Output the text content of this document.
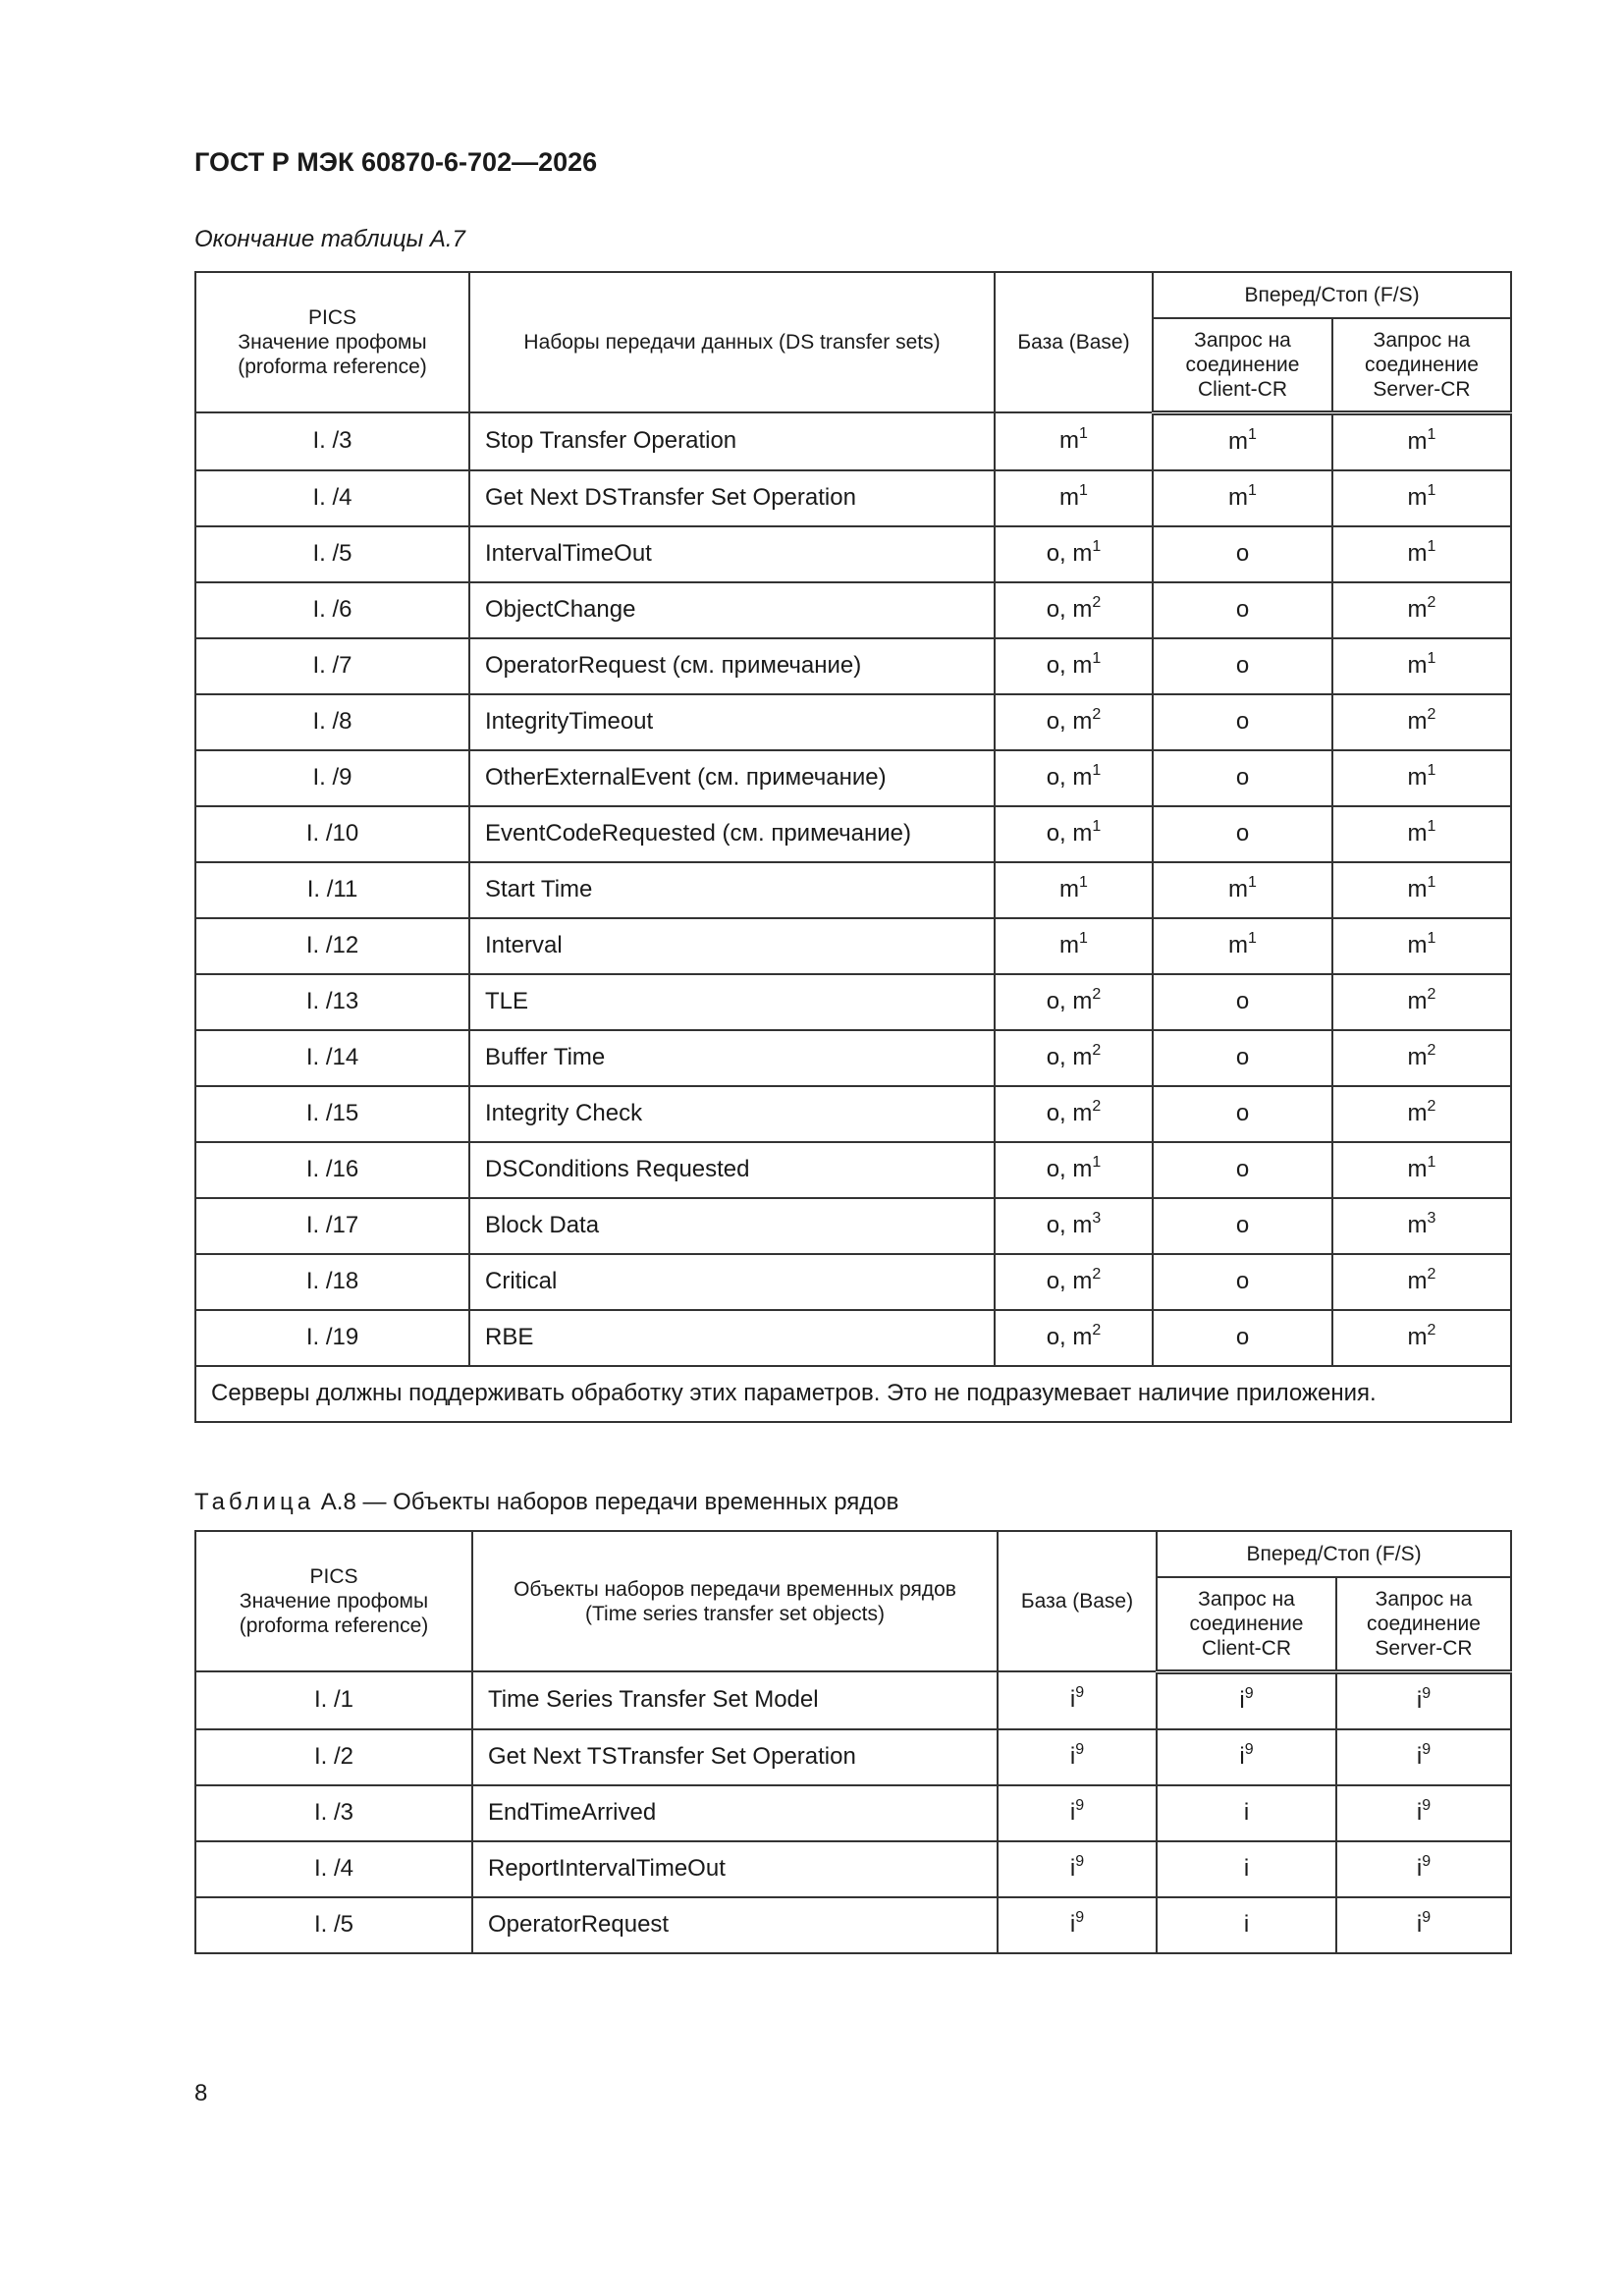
ГОСТ Р МЭК 60870-6-702—2026

Окончание таблицы А.7

PICS
Значение профомы
(proforma reference)	Наборы передачи данных (DS transfer sets)	База (Base)	Вперед/Стоп (F/S)	
			Запрос на соединение Client-CR	Запрос на соединение Server-CR
I. /3	Stop Transfer Operation	$m^1$	$m^1$	$m^1$
I. /4	Get Next DSTransfer Set Operation	$m^1$	$m^1$	$m^1$
I. /5	IntervalTimeOut	o, $m^1$	o	$m^1$
I. /6	ObjectChange	o, $m^2$	o	$m^2$
I. /7	OperatorRequest (см. примечание)	o, $m^1$	o	$m^1$
I. /8	IntegrityTimeout	o, $m^2$	o	$m^2$
I. /9	OtherExternalEvent (см. примечание)	o, $m^1$	o	$m^1$
I. /10	EventCodeRequested (см. примечание)	o, $m^1$	o	$m^1$
I. /11	Start Time	$m^1$	$m^1$	$m^1$
I. /12	Interval	$m^1$	$m^1$	$m^1$
I. /13	TLE	o, $m^2$	o	$m^2$
I. /14	Buffer Time	o, $m^2$	o	$m^2$
I. /15	Integrity Check	o, $m^2$	o	$m^2$
I. /16	DSConditions Requested	o, $m^1$	o	$m^1$
I. /17	Block Data	o, $m^3$	o	$m^3$
I. /18	Critical	o, $m^2$	o	$m^2$
I. /19	RBE	o, $m^2$	o	$m^2$
Серверы должны поддерживать обработку этих параметров. Это не подразумевает наличие приложения.				

Таблица А.8 — Объекты наборов передачи временных рядов

PICS
Значение профомы
(proforma reference)	Объекты наборов передачи временных рядов
(Time series transfer set objects)	База (Base)	Вперед/Стоп (F/S)	
			Запрос на соединение Client-CR	Запрос на соединение Server-CR
I. /1	Time Series Transfer Set Model	$i^9$	$i^9$	$i^9$
I. /2	Get Next TSTransfer Set Operation	$i^9$	$i^9$	$i^9$
I. /3	EndTimeArrived	$i^9$	i	$i^9$
I. /4	ReportIntervalTimeOut	$i^9$	i	$i^9$
I. /5	OperatorRequest	$i^9$	i	$i^9$

8
